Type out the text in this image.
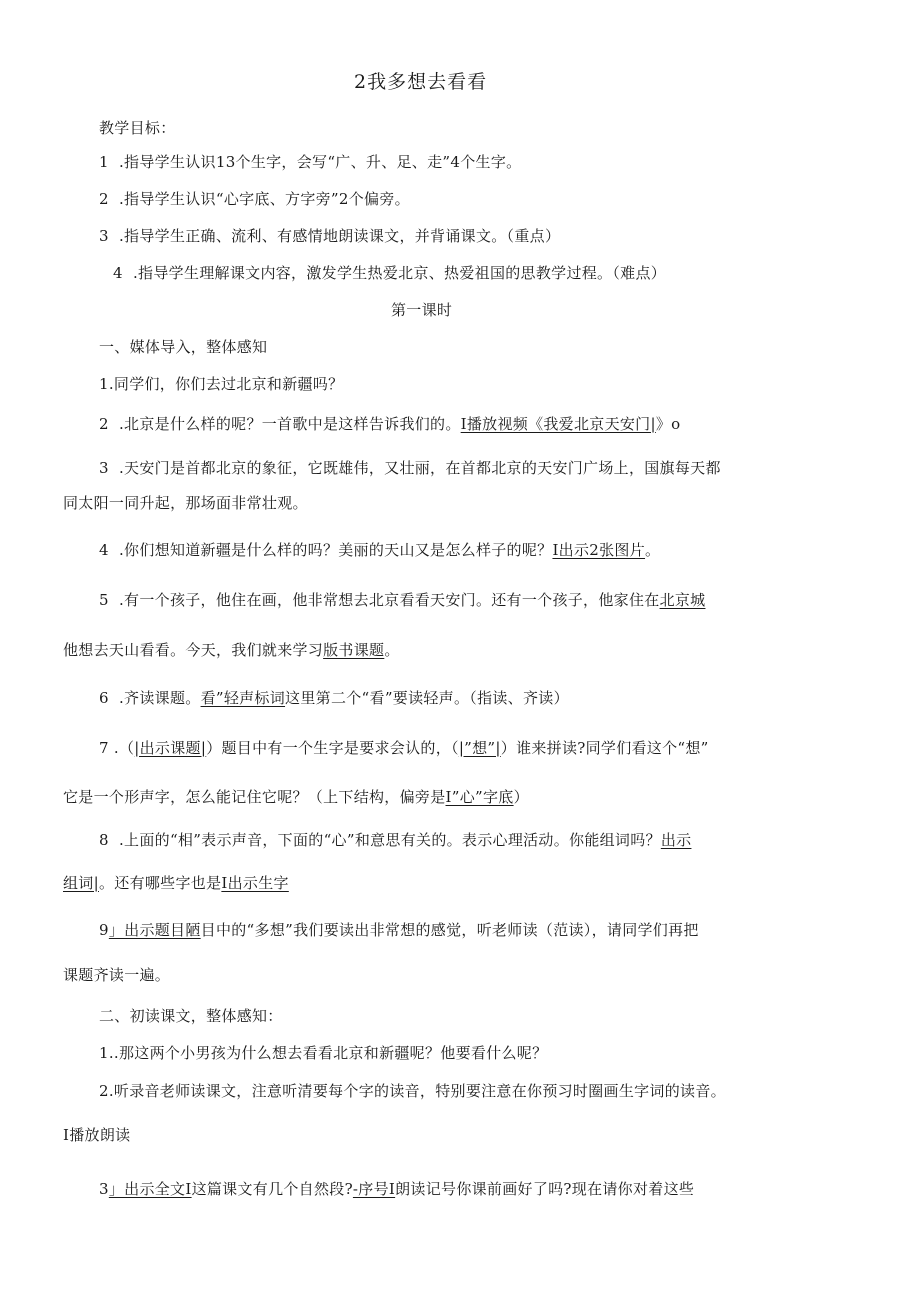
2我多想去看看
教学目标：
1  .指导学生认识13个生字，会写“广、升、足、走”4个生字。
2  .指导学生认识“心字底、方字旁”2个偏旁。
3  .指导学生正确、流利、有感情地朗读课文，并背诵课文。（重点）
4  .指导学生理解课文内容，激发学生热爱北京、热爱祖国的思教学过程。（难点）
第一课时
一、媒体导入，整体感知
1.同学们，你们去过北京和新疆吗？
2  .北京是什么样的呢？一首歌中是这样告诉我们的。I播放视频《我爱北京天安门|》o
3  .天安门是首都北京的象征，它既雄伟，又壮丽，在首都北京的天安门广场上，国旗每天都
同太阳一同升起，那场面非常壮观。
4  .你们想知道新疆是什么样的吗？美丽的天山又是怎么样子的呢？I出示2张图片。
5  .有一个孩子，他住在画，他非常想去北京看看天安门。还有一个孩子，他家住在北京城
他想去天山看看。今天，我们就来学习版书课题。
6  .齐读课题。看”轻声标词这里第二个“看”要读轻声。（指读、齐读）
7 .（|出示课题|）题目中有一个生字是要求会认的，（|”想”|）谁来拼读?同学们看这个“想”
它是一个形声字，怎么能记住它呢？（上下结构，偏旁是I”心”字底）
8  .上面的“相”表示声音，下面的“心”和意思有关的。表示心理活动。你能组词吗？出示
组词|。还有哪些字也是I出示生字
9」出示题目陋目中的“多想”我们要读出非常想的感觉，听老师读（范读），请同学们再把
课题齐读一遍。
二、初读课文，整体感知：
1..那这两个小男孩为什么想去看看北京和新疆呢？他要看什么呢？
2.听录音老师读课文，注意听清要每个字的读音，特别要注意在你预习时圈画生字词的读音。
I播放朗读
3」出示全文I这篇课文有几个自然段?-序号I朗读记号你课前画好了吗?现在请你对着这些
